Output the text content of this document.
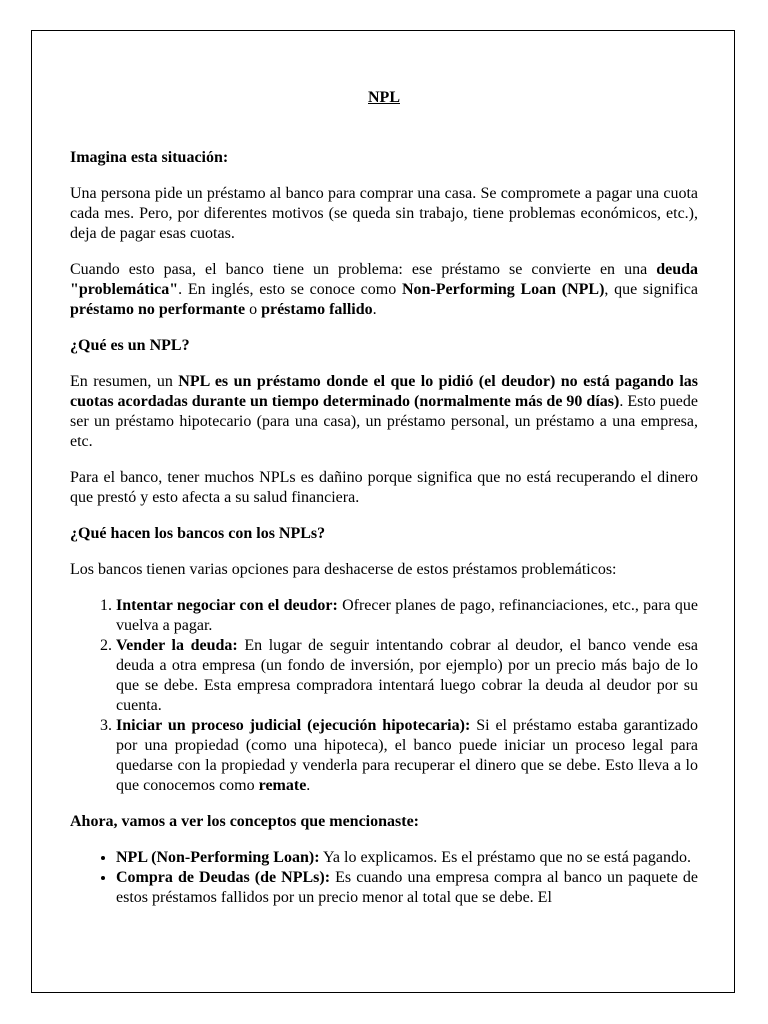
NPL
Imagina esta situación:

Una persona pide un préstamo al banco para comprar una casa. Se compromete a pagar una cuota cada mes. Pero, por diferentes motivos (se queda sin trabajo, tiene problemas económicos, etc.), deja de pagar esas cuotas.

Cuando esto pasa, el banco tiene un problema: ese préstamo se convierte en una deuda "problemática". En inglés, esto se conoce como Non-Performing Loan (NPL), que significa préstamo no performante o préstamo fallido.

¿Qué es un NPL?

En resumen, un NPL es un préstamo donde el que lo pidió (el deudor) no está pagando las cuotas acordadas durante un tiempo determinado (normalmente más de 90 días). Esto puede ser un préstamo hipotecario (para una casa), un préstamo personal, un préstamo a una empresa, etc.

Para el banco, tener muchos NPLs es dañino porque significa que no está recuperando el dinero que prestó y esto afecta a su salud financiera.

¿Qué hacen los bancos con los NPLs?

Los bancos tienen varias opciones para deshacerse de estos préstamos problemáticos:

1. Intentar negociar con el deudor: Ofrecer planes de pago, refinanciaciones, etc., para que vuelva a pagar.
2. Vender la deuda: En lugar de seguir intentando cobrar al deudor, el banco vende esa deuda a otra empresa (un fondo de inversión, por ejemplo) por un precio más bajo de lo que se debe. Esta empresa compradora intentará luego cobrar la deuda al deudor por su cuenta.
3. Iniciar un proceso judicial (ejecución hipotecaria): Si el préstamo estaba garantizado por una propiedad (como una hipoteca), el banco puede iniciar un proceso legal para quedarse con la propiedad y venderla para recuperar el dinero que se debe. Esto lleva a lo que conocemos como remate.
Ahora, vamos a ver los conceptos que mencionaste:
• NPL (Non-Performing Loan): Ya lo explicamos. Es el préstamo que no se está pagando.
• Compra de Deudas (de NPLs): Es cuando una empresa compra al banco un paquete de estos préstamos fallidos por un precio menor al total que se debe. El
